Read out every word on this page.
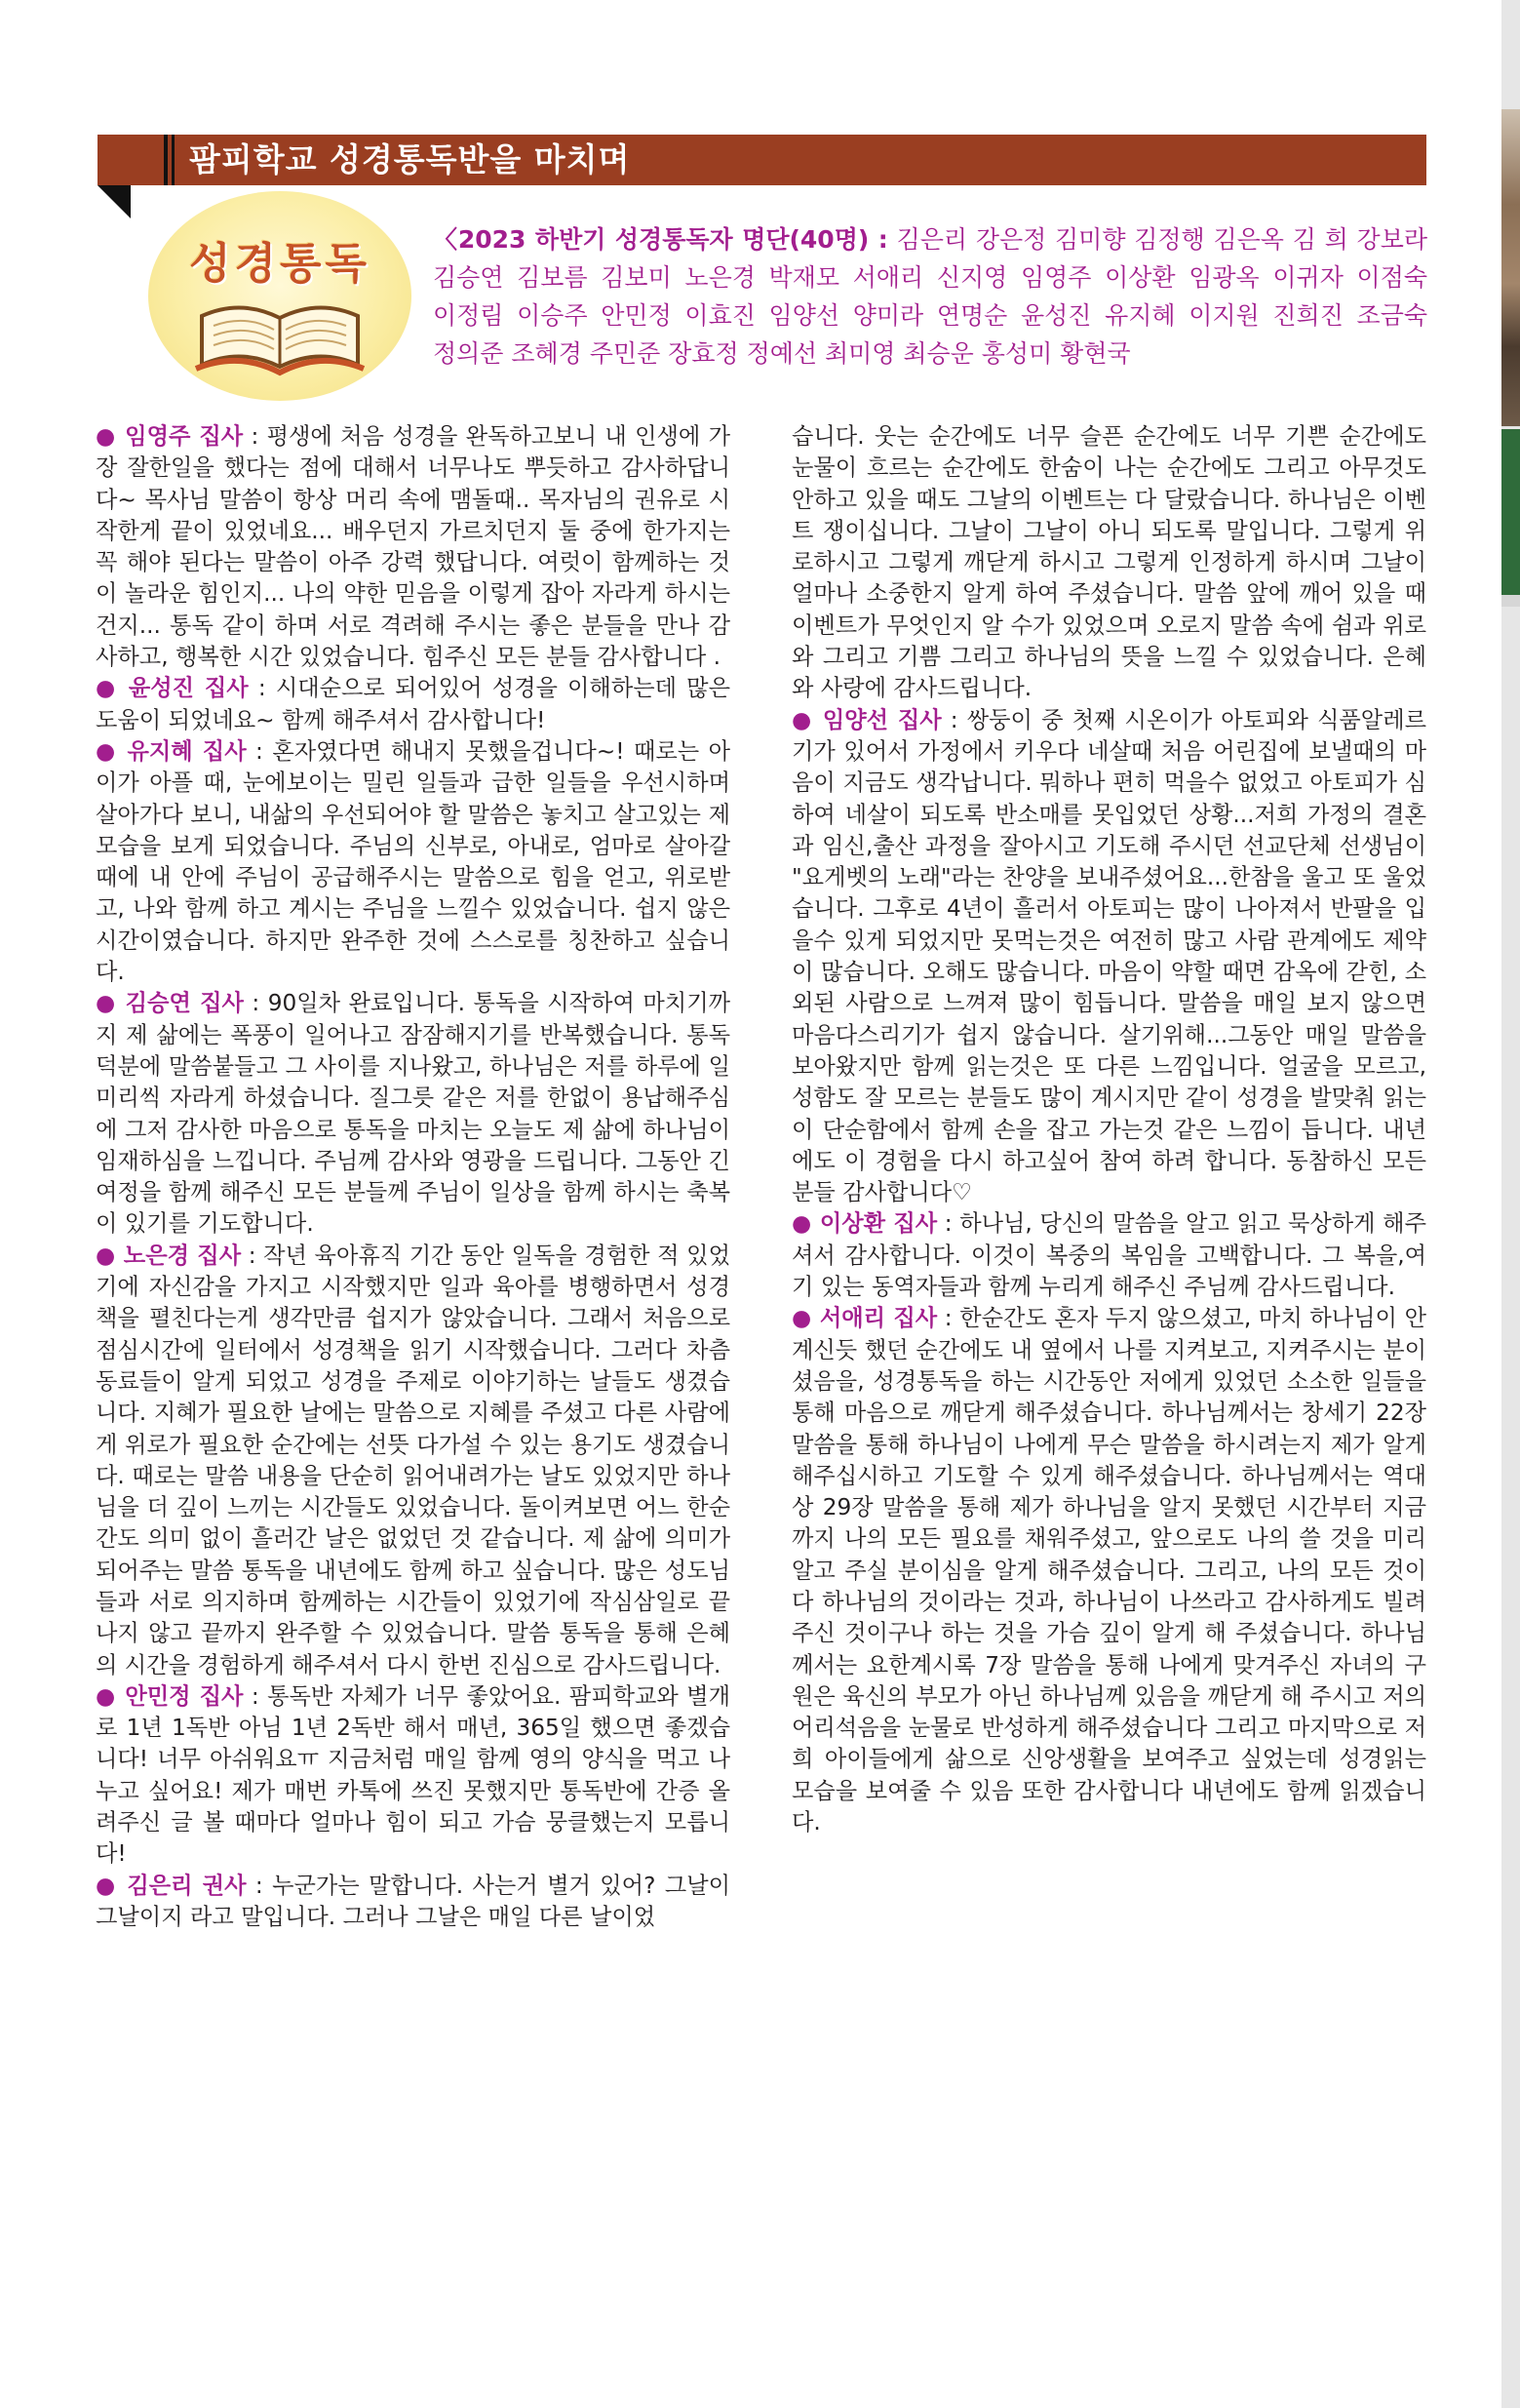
팜피학교 성경통독반을 마치며
성경통독	〈2023 하반기 성경통독자 명단(40명) : 김은리 강은정 김미향 김정행 김은옥 김 희 강보라
김승연 김보름 김보미 노은경 박재모 서애리 신지영 임영주 이상환 임광옥 이귀자 이점숙
이정림 이승주 안민정 이효진 임양선 양미라 연명순 윤성진 유지혜 이지원 진희진 조금숙
정의준 조혜경 주민준 장효정 정예선 최미영 최승운 홍성미 황현국

● 임영주 집사 : 평생에 처음 성경을 완독하고보니 내 인생에 가장 잘한일을 했다는 점에 대해서 너무나도 뿌듯하고 감사하답니다~ 목사님 말씀이 항상 머리 속에 맴돌때.. 목자님의 권유로 시작한게 끝이 있었네요... 배우던지 가르치던지 둘 중에 한가지는 꼭 해야 된다는 말씀이 아주 강력 했답니다. 여럿이 함께하는 것이 놀라운 힘인지... 나의 약한 믿음을 이렇게 잡아 자라게 하시는 건지... 통독 같이 하며 서로 격려해 주시는 좋은 분들을 만나 감사하고, 행복한 시간 있었습니다. 힘주신 모든 분들 감사합니다 .

● 윤성진 집사 : 시대순으로 되어있어 성경을 이해하는데 많은 도움이 되었네요~ 함께 해주셔서 감사합니다!

● 유지혜 집사 : 혼자였다면 해내지 못했을겁니다~! 때로는 아이가 아플 때, 눈에보이는 밀린 일들과 급한 일들을 우선시하며 살아가다 보니, 내삶의 우선되어야 할 말씀은 놓치고 살고있는 제모습을 보게 되었습니다. 주님의 신부로, 아내로, 엄마로 살아갈 때에 내 안에 주님이 공급해주시는 말씀으로 힘을 얻고, 위로받고, 나와 함께 하고 계시는 주님을 느낄수 있었습니다. 쉽지 않은 시간이였습니다. 하지만 완주한 것에 스스로를 칭찬하고 싶습니다.

● 김승연 집사 : 90일차 완료입니다. 통독을 시작하여 마치기까지 제 삶에는 폭풍이 일어나고 잠잠해지기를 반복했습니다. 통독 덕분에 말씀붙들고 그 사이를 지나왔고, 하나님은 저를 하루에 일미리씩 자라게 하셨습니다. 질그릇 같은 저를 한없이 용납해주심에 그저 감사한 마음으로 통독을 마치는 오늘도 제 삶에 하나님이 임재하심을 느낍니다. 주님께 감사와 영광을 드립니다. 그동안 긴 여정을 함께 해주신 모든 분들께 주님이 일상을 함께 하시는 축복이 있기를 기도합니다.

● 노은경 집사 : 작년 육아휴직 기간 동안 일독을 경험한 적 있었기에 자신감을 가지고 시작했지만 일과 육아를 병행하면서 성경책을 펼친다는게 생각만큼 쉽지가 않았습니다. 그래서 처음으로 점심시간에 일터에서 성경책을 읽기 시작했습니다. 그러다 차츰 동료들이 알게 되었고 성경을 주제로 이야기하는 날들도 생겼습니다. 지혜가 필요한 날에는 말씀으로 지혜를 주셨고 다른 사람에게 위로가 필요한 순간에는 선뜻 다가설 수 있는 용기도 생겼습니다. 때로는 말씀 내용을 단순히 읽어내려가는 날도 있었지만 하나님을 더 깊이 느끼는 시간들도 있었습니다. 돌이켜보면 어느 한순간도 의미 없이 흘러간 날은 없었던 것 같습니다. 제 삶에 의미가 되어주는 말씀 통독을 내년에도 함께 하고 싶습니다. 많은 성도님들과 서로 의지하며 함께하는 시간들이 있었기에 작심삼일로 끝나지 않고 끝까지 완주할 수 있었습니다. 말씀 통독을 통해 은혜의 시간을 경험하게 해주셔서 다시 한번 진심으로 감사드립니다.

● 안민정 집사 : 통독반 자체가 너무 좋았어요. 팜피학교와 별개로 1년 1독반 아님 1년 2독반 해서 매년, 365일 했으면 좋겠습니다! 너무 아쉬워요ㅠ 지금처럼 매일 함께 영의 양식을 먹고 나누고 싶어요! 제가 매번 카톡에 쓰진 못했지만 통독반에 간증 올려주신 글 볼 때마다 얼마나 힘이 되고 가슴 뭉클했는지 모릅니다!

● 김은리 권사 : 누군가는 말합니다. 사는거 별거 있어? 그날이 그날이지 라고 말입니다. 그러나 그날은 매일 다른 날이었

습니다. 웃는 순간에도 너무 슬픈 순간에도 너무 기쁜 순간에도 눈물이 흐르는 순간에도 한숨이 나는 순간에도 그리고 아무것도 안하고 있을 때도 그날의 이벤트는 다 달랐습니다. 하나님은 이벤트 쟁이십니다. 그날이 그날이 아니 되도록 말입니다. 그렇게 위로하시고 그렇게 깨닫게 하시고 그렇게 인정하게 하시며 그날이 얼마나 소중한지 알게 하여 주셨습니다. 말씀 앞에 깨어 있을 때 이벤트가 무엇인지 알 수가 있었으며 오로지 말씀 속에 쉼과 위로와 그리고 기쁨 그리고 하나님의 뜻을 느낄 수 있었습니다. 은혜와 사랑에 감사드립니다.

● 임양선 집사 : 쌍둥이 중 첫째 시온이가 아토피와 식품알레르기가 있어서 가정에서 키우다 네살때 처음 어린집에 보낼때의 마음이 지금도 생각납니다. 뭐하나 편히 먹을수 없었고 아토피가 심하여 네살이 되도록 반소매를 못입었던 상황...저희 가정의 결혼과 임신,출산 과정을 잘아시고 기도해 주시던 선교단체 선생님이 "요게벳의 노래"라는 찬양을 보내주셨어요...한참을 울고 또 울었습니다. 그후로 4년이 흘러서 아토피는 많이 나아져서 반팔을 입을수 있게 되었지만 못먹는것은 여전히 많고 사람 관계에도 제약이 많습니다. 오해도 많습니다. 마음이 약할 때면 감옥에 갇힌, 소외된 사람으로 느껴져 많이 힘듭니다. 말씀을 매일 보지 않으면 마음다스리기가 쉽지 않습니다. 살기위해...그동안 매일 말씀을 보아왔지만 함께 읽는것은 또 다른 느낌입니다. 얼굴을 모르고, 성함도 잘 모르는 분들도 많이 계시지만 같이 성경을 발맞춰 읽는 이 단순함에서 함께 손을 잡고 가는것 같은 느낌이 듭니다. 내년에도 이 경험을 다시 하고싶어 참여 하려 합니다. 동참하신 모든 분들 감사합니다♡

● 이상환 집사 : 하나님, 당신의 말씀을 알고 읽고 묵상하게 해주셔서 감사합니다. 이것이 복중의 복임을 고백합니다. 그 복을,여기 있는 동역자들과 함께 누리게 해주신 주님께 감사드립니다.

● 서애리 집사 : 한순간도 혼자 두지 않으셨고, 마치 하나님이 안계신듯 했던 순간에도 내 옆에서 나를 지켜보고, 지켜주시는 분이셨음을, 성경통독을 하는 시간동안 저에게 있었던 소소한 일들을 통해 마음으로 깨닫게 해주셨습니다. 하나님께서는 창세기 22장 말씀을 통해 하나님이 나에게 무슨 말씀을 하시려는지 제가 알게 해주십시하고 기도할 수 있게 해주셨습니다. 하나님께서는 역대상 29장 말씀을 통해 제가 하나님을 알지 못했던 시간부터 지금까지 나의 모든 필요를 채워주셨고, 앞으로도 나의 쓸 것을 미리 알고 주실 분이심을 알게 해주셨습니다. 그리고, 나의 모든 것이 다 하나님의 것이라는 것과, 하나님이 나쓰라고 감사하게도 빌려주신 것이구나 하는 것을 가슴 깊이 알게 해 주셨습니다. 하나님께서는 요한계시록 7장 말씀을 통해 나에게 맞겨주신 자녀의 구원은 육신의 부모가 아닌 하나님께 있음을 깨닫게 해 주시고 저의 어리석음을 눈물로 반성하게 해주셨습니다 그리고 마지막으로 저희 아이들에게 삶으로 신앙생활을 보여주고 싶었는데 성경읽는 모습을 보여줄 수 있음 또한 감사합니다 내년에도 함께 읽겠습니다.
